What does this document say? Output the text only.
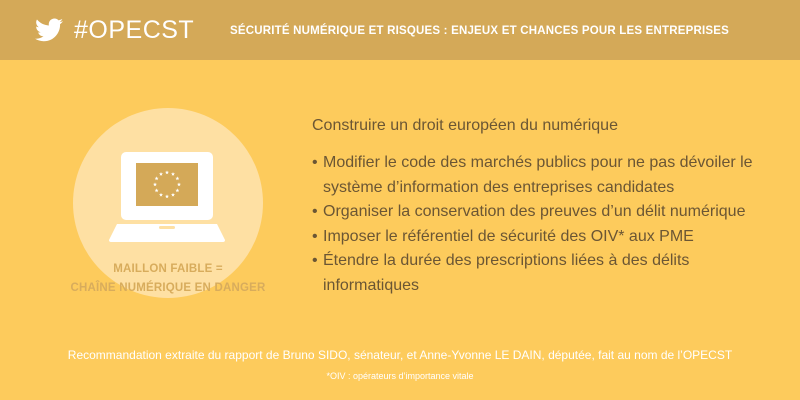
#OPECST	SÉCURITÉ NUMÉRIQUE ET RISQUES : ENJEUX ET CHANCES POUR LES ENTREPRISES
MAILLON FAIBLE =
CHAÎNE NUMÉRIQUE EN DANGER
Construire un droit européen du numérique
• Modifier le code des marchés publics pour ne pas dévoiler le système d’information des entreprises candidates
• Organiser la conservation des preuves d’un délit numérique
• Imposer le référentiel de sécurité des OIV* aux PME
• Étendre la durée des prescriptions liées à des délits informatiques
Recommandation extraite du rapport de Bruno SIDO, sénateur, et Anne-Yvonne LE DAIN, députée, fait au nom de l’OPECST
*OIV : opérateurs d’importance vitale
